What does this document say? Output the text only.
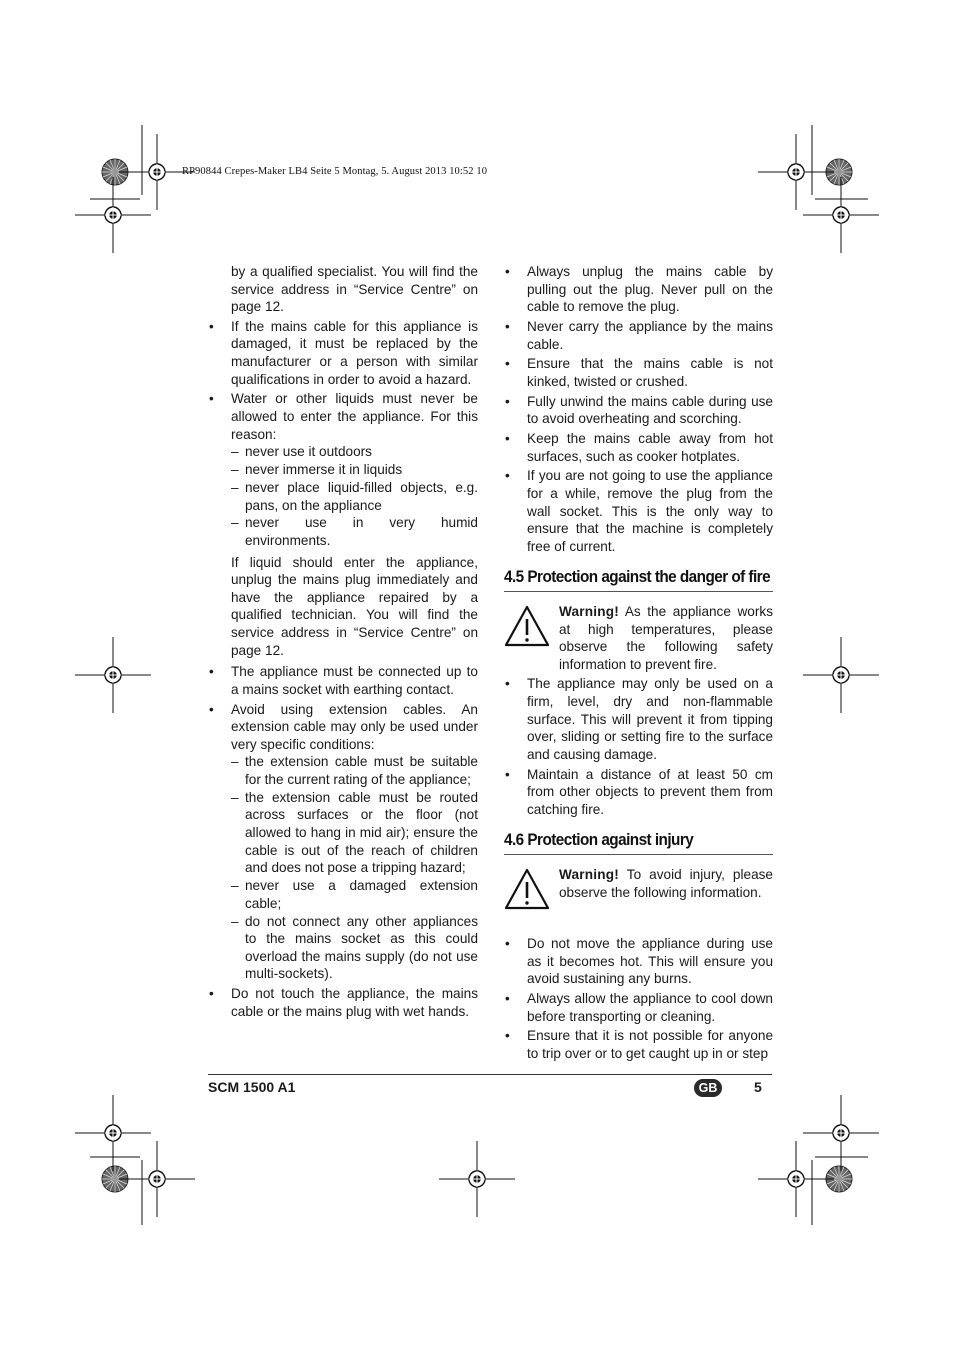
RP90844 Crepes-Maker LB4 Seite 5 Montag, 5. August 2013 10:52 10

by a qualified specialist. You will find the service address in “Service Centre” on page 12.

• If the mains cable for this appliance is damaged, it must be replaced by the manufacturer or a person with similar qualifications in order to avoid a hazard.

• Water or other liquids must never be allowed to enter the appliance. For this reason:

– never use it outdoors
– never immerse it in liquids
– never place liquid-filled objects, e.g. pans, on the appliance
– never use in very humid environments.

If liquid should enter the appliance, unplug the mains plug immediately and have the appliance repaired by a qualified technician. You will find the service address in “Service Centre” on page 12.

• The appliance must be connected up to a mains socket with earthing contact.

• Avoid using extension cables. An extension cable may only be used under very specific conditions:

– the extension cable must be suitable for the current rating of the appliance;
– the extension cable must be routed across surfaces or the floor (not allowed to hang in mid air); ensure the cable is out of the reach of children and does not pose a tripping hazard;
– never use a damaged extension cable;
– do not connect any other appliances to the mains socket as this could overload the mains supply (do not use multi-sockets).
• Do not touch the appliance, the mains cable or the mains plug with wet hands.

• Always unplug the mains cable by pulling out the plug. Never pull on the cable to remove the plug.

• Never carry the appliance by the mains cable.

• Ensure that the mains cable is not kinked, twisted or crushed.

• Fully unwind the mains cable during use to avoid overheating and scorching.

• Keep the mains cable away from hot surfaces, such as cooker hotplates.

• If you are not going to use the appliance for a while, remove the plug from the wall socket. This is the only way to ensure that the machine is completely free of current.

4.5 Protection against the danger of fire

Warning! As the appliance works at high temperatures, please observe the following safety information to prevent fire.

• The appliance may only be used on a firm, level, dry and non-flammable surface. This will prevent it from tipping over, sliding or setting fire to the surface and causing damage.

• Maintain a distance of at least 50 cm from other objects to prevent them from catching fire.

4.6 Protection against injury

Warning! To avoid injury, please observe the following information.

• Do not move the appliance during use as it becomes hot. This will ensure you avoid sustaining any burns.

• Always allow the appliance to cool down before transporting or cleaning.

• Ensure that it is not possible for anyone to trip over or to get caught up in or step

SCM 1500 A1	GB	5
